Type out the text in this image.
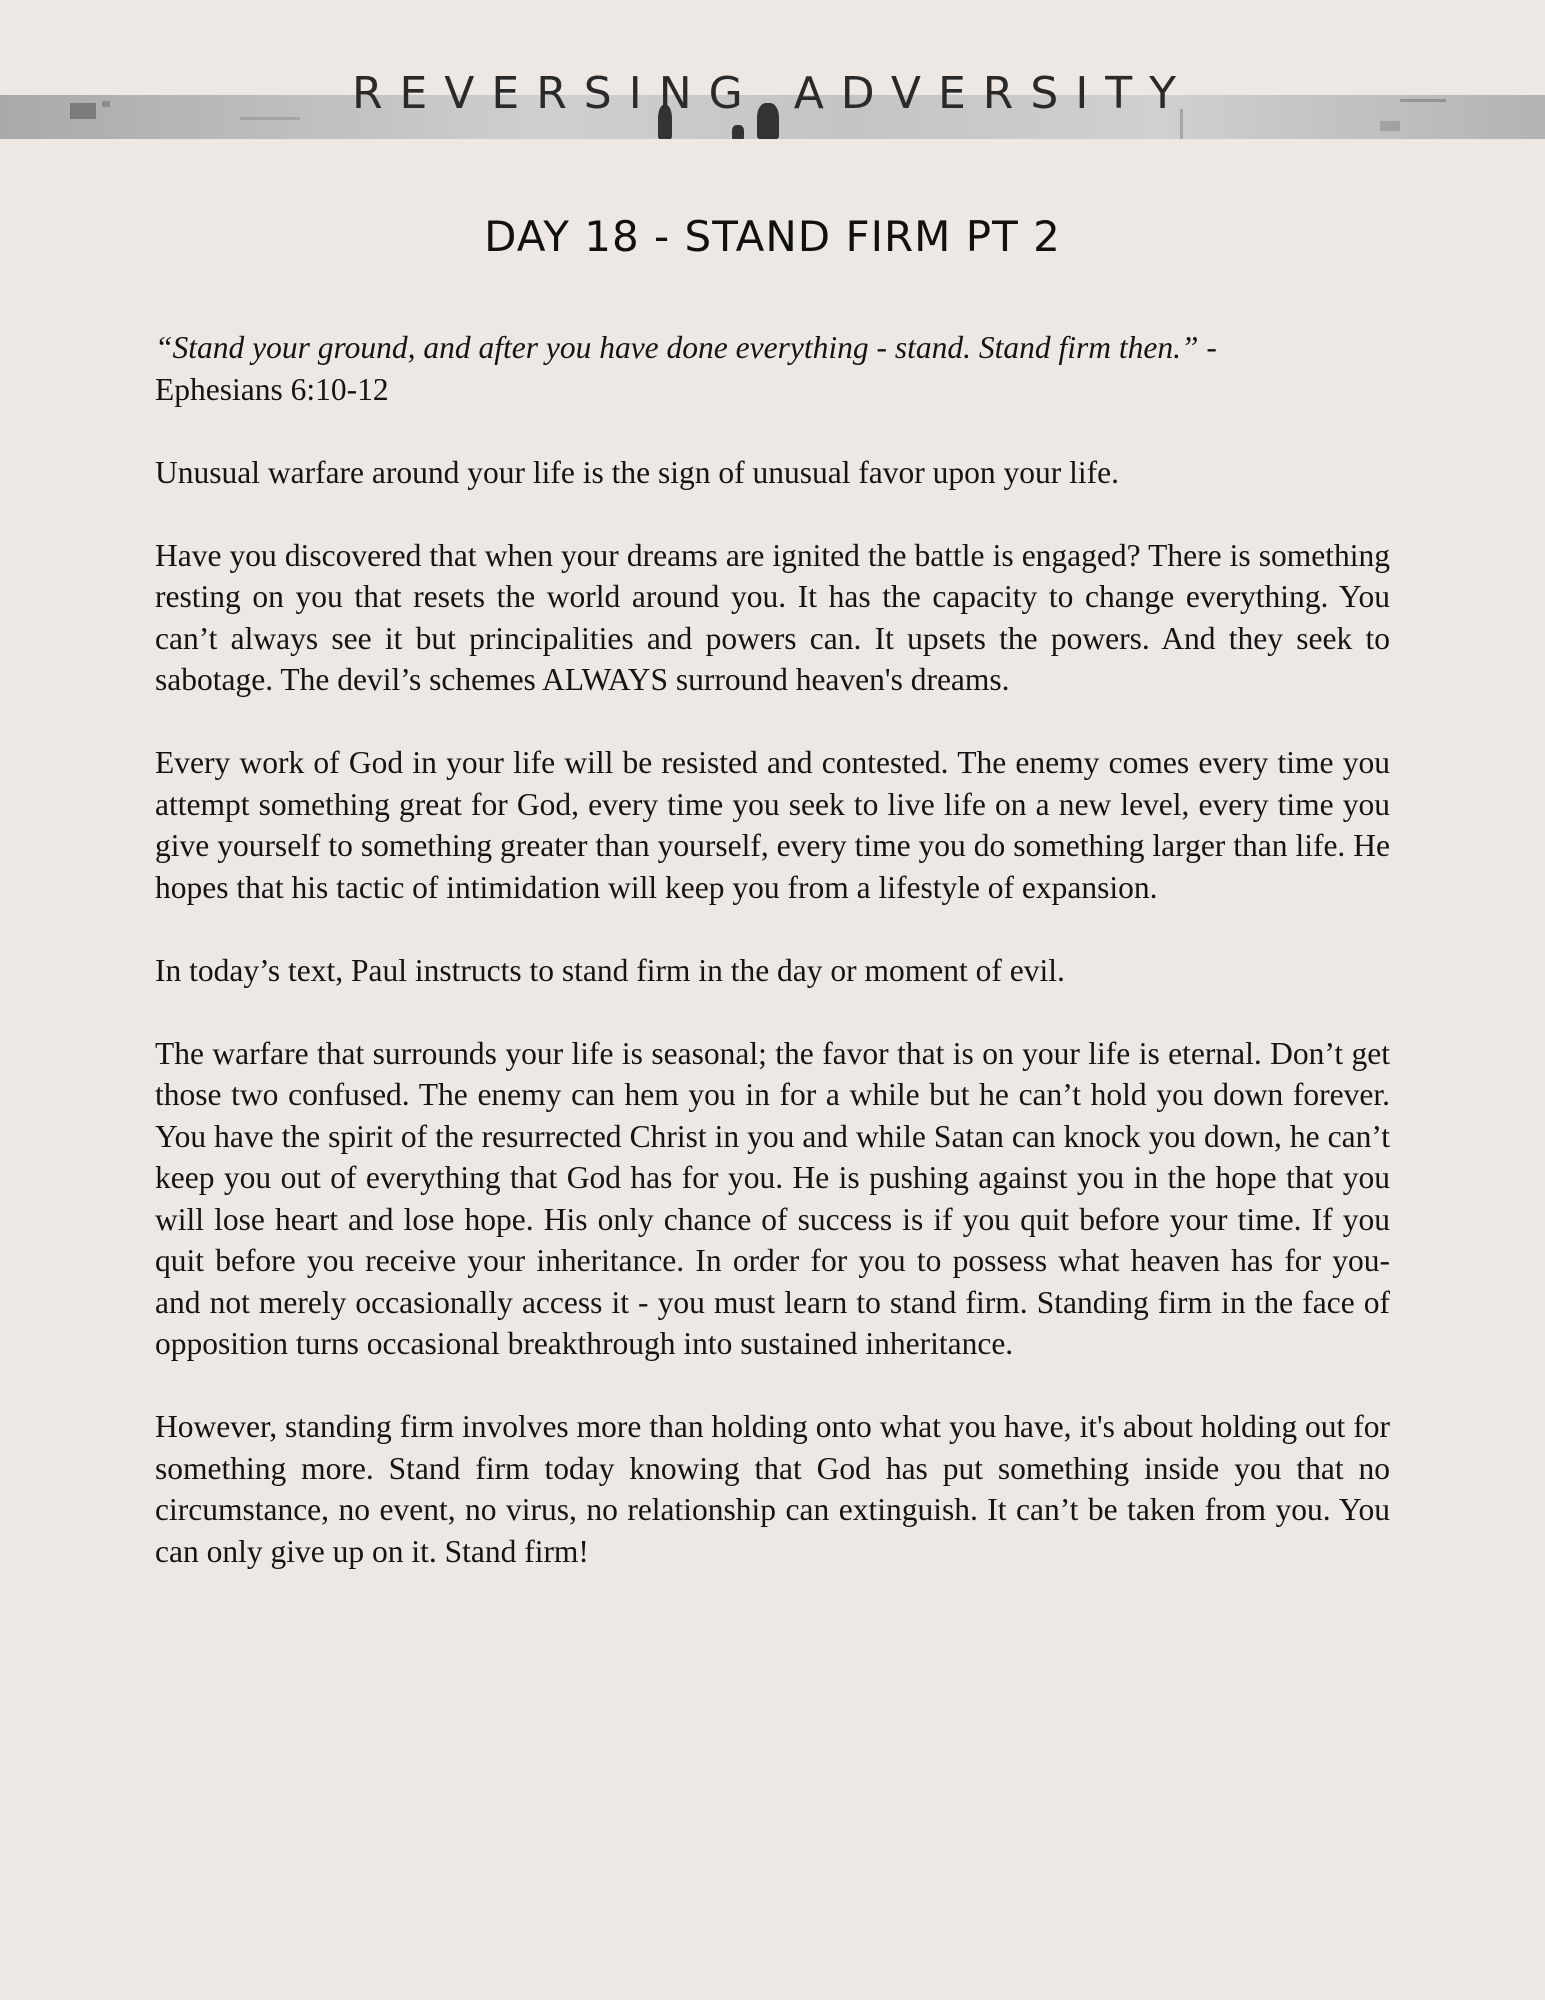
REVERSING ADVERSITY
DAY 18 - STAND FIRM PT 2

“Stand your ground, and after you have done everything - stand. Stand firm then.” -
Ephesians 6:10-12

Unusual warfare around your life is the sign of unusual favor upon your life.

Have you discovered that when your dreams are ignited the battle is engaged? There is something resting on you that resets the world around you. It has the capacity to change everything. You can’t always see it but principalities and powers can. It upsets the powers. And they seek to sabotage. The devil’s schemes ALWAYS surround heaven's dreams.

Every work of God in your life will be resisted and contested. The enemy comes every time you attempt something great for God, every time you seek to live life on a new level, every time you give yourself to something greater than yourself, every time you do something larger than life. He hopes that his tactic of intimidation will keep you from a lifestyle of expansion.

In today’s text, Paul instructs to stand firm in the day or moment of evil.

The warfare that surrounds your life is seasonal; the favor that is on your life is eternal. Don’t get those two confused. The enemy can hem you in for a while but he can’t hold you down forever. You have the spirit of the resurrected Christ in you and while Satan can knock you down, he can’t keep you out of everything that God has for you. He is pushing against you in the hope that you will lose heart and lose hope. His only chance of success is if you quit before your time. If you quit before you receive your inheritance. In order for you to possess what heaven has for you- and not merely occasionally access it - you must learn to stand firm. Standing firm in the face of opposition turns occasional breakthrough into sustained inheritance.

However, standing firm involves more than holding onto what you have, it's about holding out for something more. Stand firm today knowing that God has put something inside you that no circumstance, no event, no virus, no relationship can extinguish. It can’t be taken from you. You can only give up on it. Stand firm!
